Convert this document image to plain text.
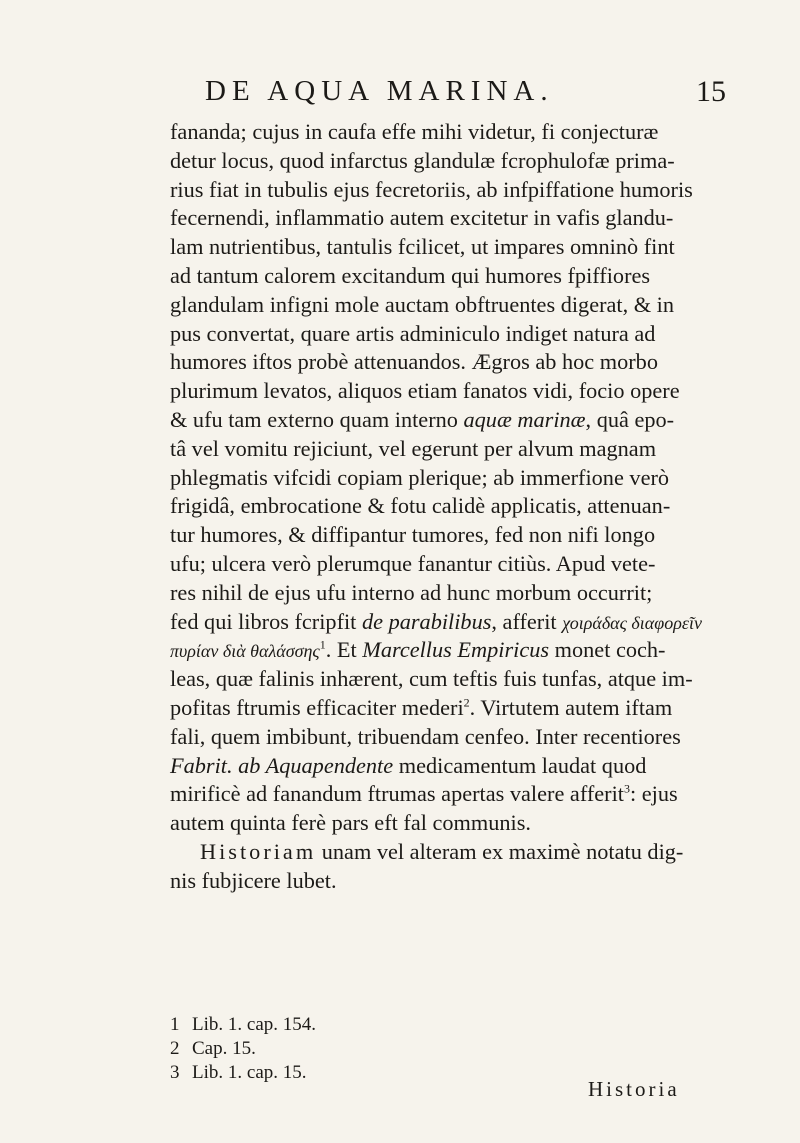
DE AQUA MARINA.	15
fananda; cujus in caufa effe mihi videtur, fi conjecturæ
detur locus, quod infarctus glandulæ fcrophulofæ prima-
rius fiat in tubulis ejus fecretoriis, ab infpiffatione humoris
fecernendi, inflammatio autem excitetur in vafis glandu-
lam nutrientibus, tantulis fcilicet, ut impares omninò fint
ad tantum calorem excitandum qui humores fpiffiores
glandulam infigni mole auctam obftruentes digerat, & in
pus convertat, quare artis adminiculo indiget natura ad
humores iftos probè attenuandos. Ægros ab hoc morbo
plurimum levatos, aliquos etiam fanatos vidi, focio opere
& ufu tam externo quam interno aquæ marinæ, quâ epo-
tâ vel vomitu rejiciunt, vel egerunt per alvum magnam
phlegmatis vifcidi copiam plerique; ab immerfione verò
frigidâ, embrocatione & fotu calidè applicatis, attenuan-
tur humores, & diffipantur tumores, fed non nifi longo
ufu; ulcera verò plerumque fanantur citiùs. Apud vete-
res nihil de ejus ufu interno ad hunc morbum occurrit;
fed qui libros fcripfit de parabilibus, afferit χοιράδας διαφορεῖν
πυρίαν διὰ θαλάσσης$^1$. Et Marcellus Empiricus monet coch-
leas, quæ falinis inhærent, cum teftis fuis tunfas, atque im-
pofitas ftrumis efficaciter mederi$^2$. Virtutem autem iftam
fali, quem imbibunt, tribuendam cenfeo. Inter recentiores
Fabrit. ab Aquapendente medicamentum laudat quod
mirificè ad fanandum ftrumas apertas valere afferit$^3$: ejus
autem quinta ferè pars eft fal communis.
Historiam unam vel alteram ex maximè notatu dig-
nis fubjicere lubet.
1 Lib. 1. cap. 154.
2 Cap. 15.
3 Lib. 1. cap. 15.
Historia
